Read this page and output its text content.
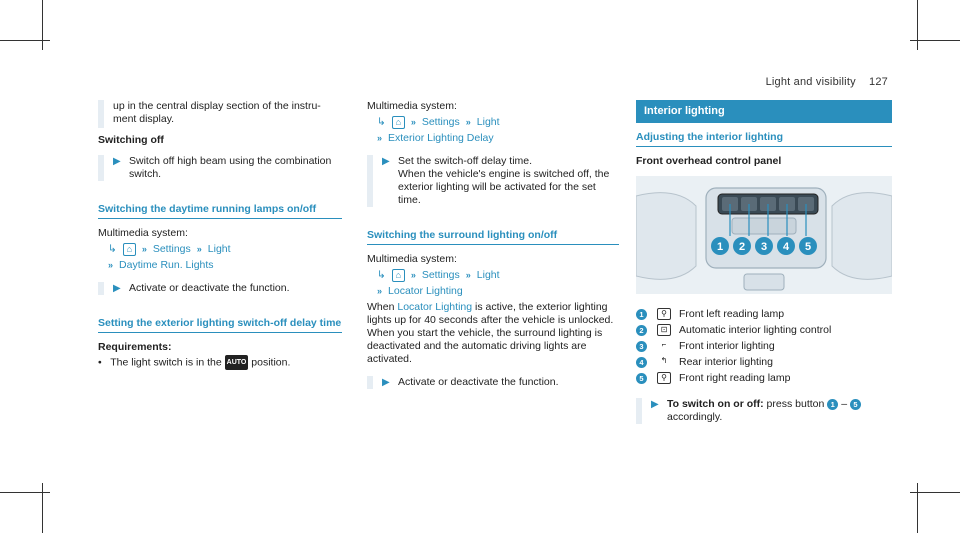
Light and visibility 127
up in the central display section of the instru-ment display.
Switching off
▶ Switch off high beam using the combination switch.
Switching the daytime running lamps on/off
Multimedia system:
↳	⌂	» Settings » Light
» Daytime Run. Lights
▶ Activate or deactivate the function.
Setting the exterior lighting switch-off delay time
Requirements:
•   The light switch is in the AUTO position.
Multimedia system:
↳	⌂	» Settings » Light
» Exterior Lighting Delay
▶ Set the switch-off delay time.
When the vehicle's engine is switched off, the exterior lighting will be activated for the set time.
Switching the surround lighting on/off
Multimedia system:
↳	⌂	» Settings » Light
» Locator Lighting
When Locator Lighting is active, the exterior lighting lights up for 40 seconds after the vehicle is unlocked. When you start the vehicle, the surround lighting is deactivated and the automatic driving lights are activated.
▶ Activate or deactivate the function.
Interior lighting
Adjusting the interior lighting
Front overhead control panel
1 2 3 4 5
1	⚲	Front left reading lamp
2	⊡	Automatic interior lighting control
3	⌐	Front interior lighting
4	↰	Rear interior lighting
5	⚲	Front right reading lamp
▶ To switch on or off: press button 1 – 5
accordingly.
